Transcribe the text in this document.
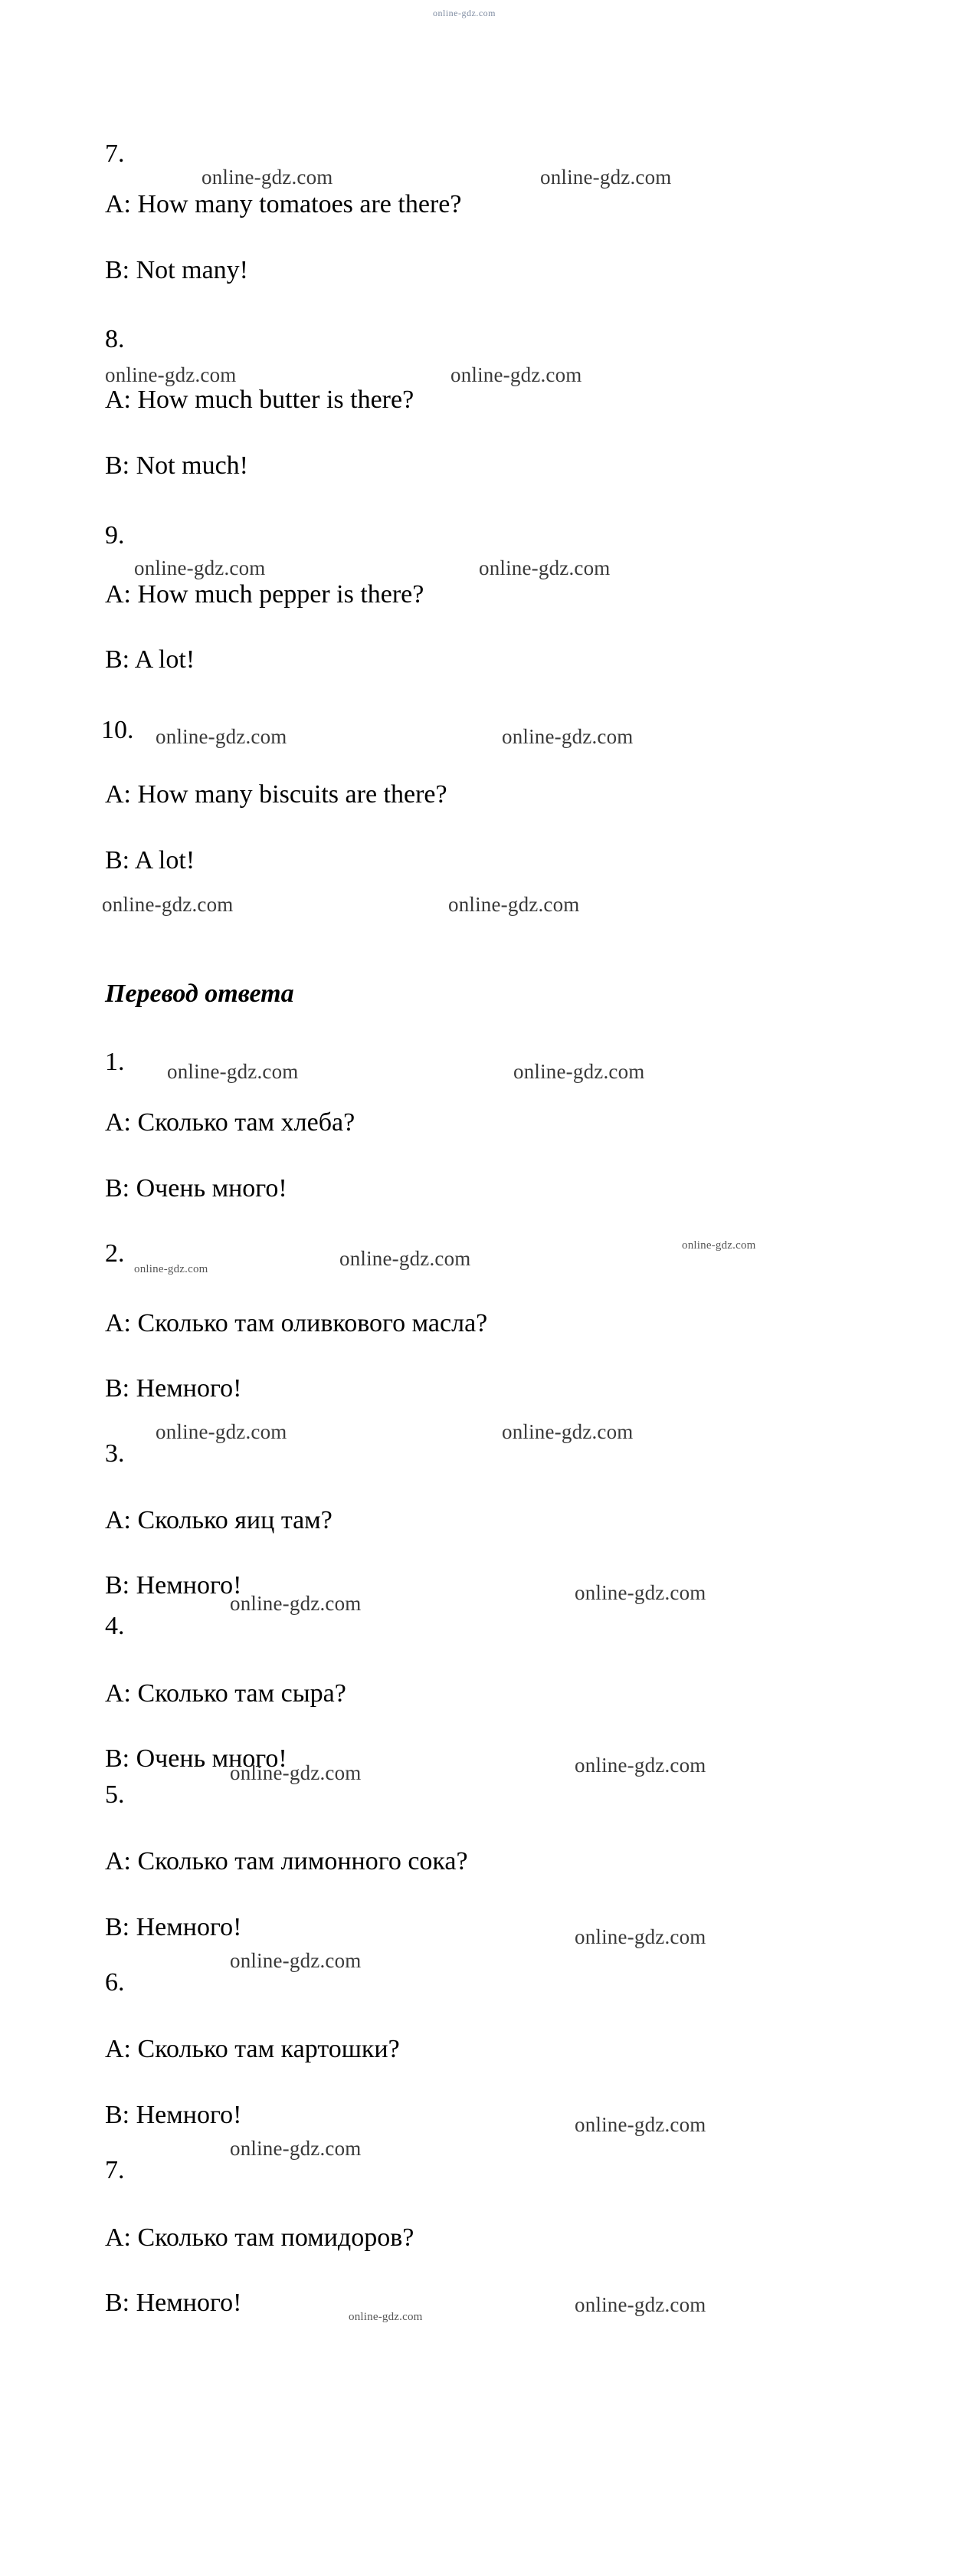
online-gdz.com
7.
online-gdz.com	online-gdz.com
A: How many tomatoes are there?
B: Not many!
8.
online-gdz.com	online-gdz.com
A: How much butter is there?
B: Not much!
9.
online-gdz.com	online-gdz.com
A: How much pepper is there?
B: A lot!
10. online-gdz.com	online-gdz.com
A: How many biscuits are there?
B: A lot!
online-gdz.com	online-gdz.com
Перевод ответа
1. online-gdz.com	online-gdz.com
A: Сколько там хлеба?
B: Очень много!
2.
online-gdz.com	online-gdz.com
online-gdz.com
A: Сколько там оливкового масла?
B: Немного!
online-gdz.com	online-gdz.com
3.
A: Сколько яиц там?
B: Немного!
online-gdz.com	online-gdz.com
4.
A: Сколько там сыра?
B: Очень много!
online-gdz.com	online-gdz.com
5.
A: Сколько там лимонного сока?
B: Немного!	online-gdz.com
online-gdz.com
6.
A: Сколько там картошки?
B: Немного!	online-gdz.com
online-gdz.com
7.
A: Сколько там помидоров?
online-gdz.com
B: Немного!	online-gdz.com
